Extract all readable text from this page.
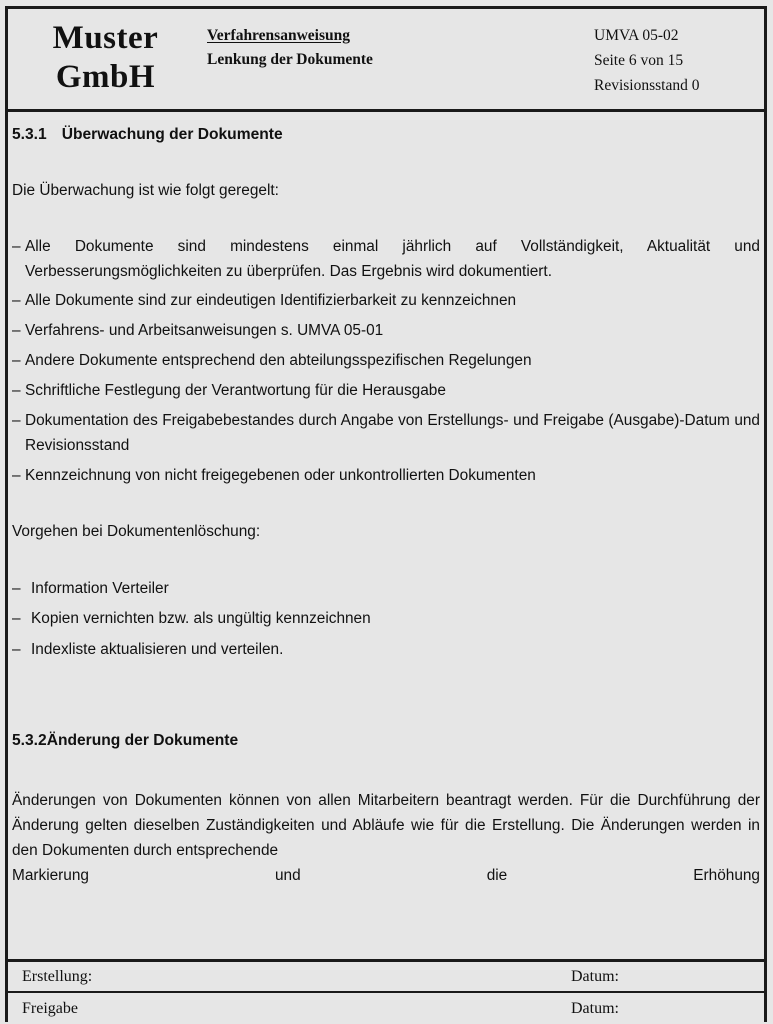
Muster
GmbH
Verfahrensanweisung
Lenkung der Dokumente
UMVA 05-02
Seite 6 von 15
Revisionsstand 0
5.3.1 Überwachung der Dokumente

Die Überwachung ist wie folgt geregelt:

– Alle Dokumente sind mindestens einmal jährlich auf Vollständigkeit, Aktualität und Verbesserungsmöglichkeiten zu überprüfen. Das Ergebnis wird dokumentiert.
– Alle Dokumente sind zur eindeutigen Identifizierbarkeit zu kennzeichnen
– Verfahrens- und Arbeitsanweisungen s. UMVA 05-01
– Andere Dokumente entsprechend den abteilungsspezifischen Regelungen
– Schriftliche Festlegung der Verantwortung für die Herausgabe
– Dokumentation des Freigabebestandes durch Angabe von Erstellungs- und Freigabe (Ausgabe)-Datum und Revisionsstand
– Kennzeichnung von nicht freigegebenen oder unkontrollierten Dokumenten

Vorgehen bei Dokumentenlöschung:

– Information Verteiler
– Kopien vernichten bzw. als ungültig kennzeichnen
– Indexliste aktualisieren und verteilen.
5.3.2Änderung der Dokumente

Änderungen von Dokumenten können von allen Mitarbeitern beantragt werden. Für die Durchführung der Änderung gelten dieselben Zuständigkeiten und Abläufe wie für die Erstellung. Die Änderungen werden in den Dokumenten durch entsprechende

Markierung und die Erhöhung

Erstellung:	Datum:
Freigabe	Datum:
